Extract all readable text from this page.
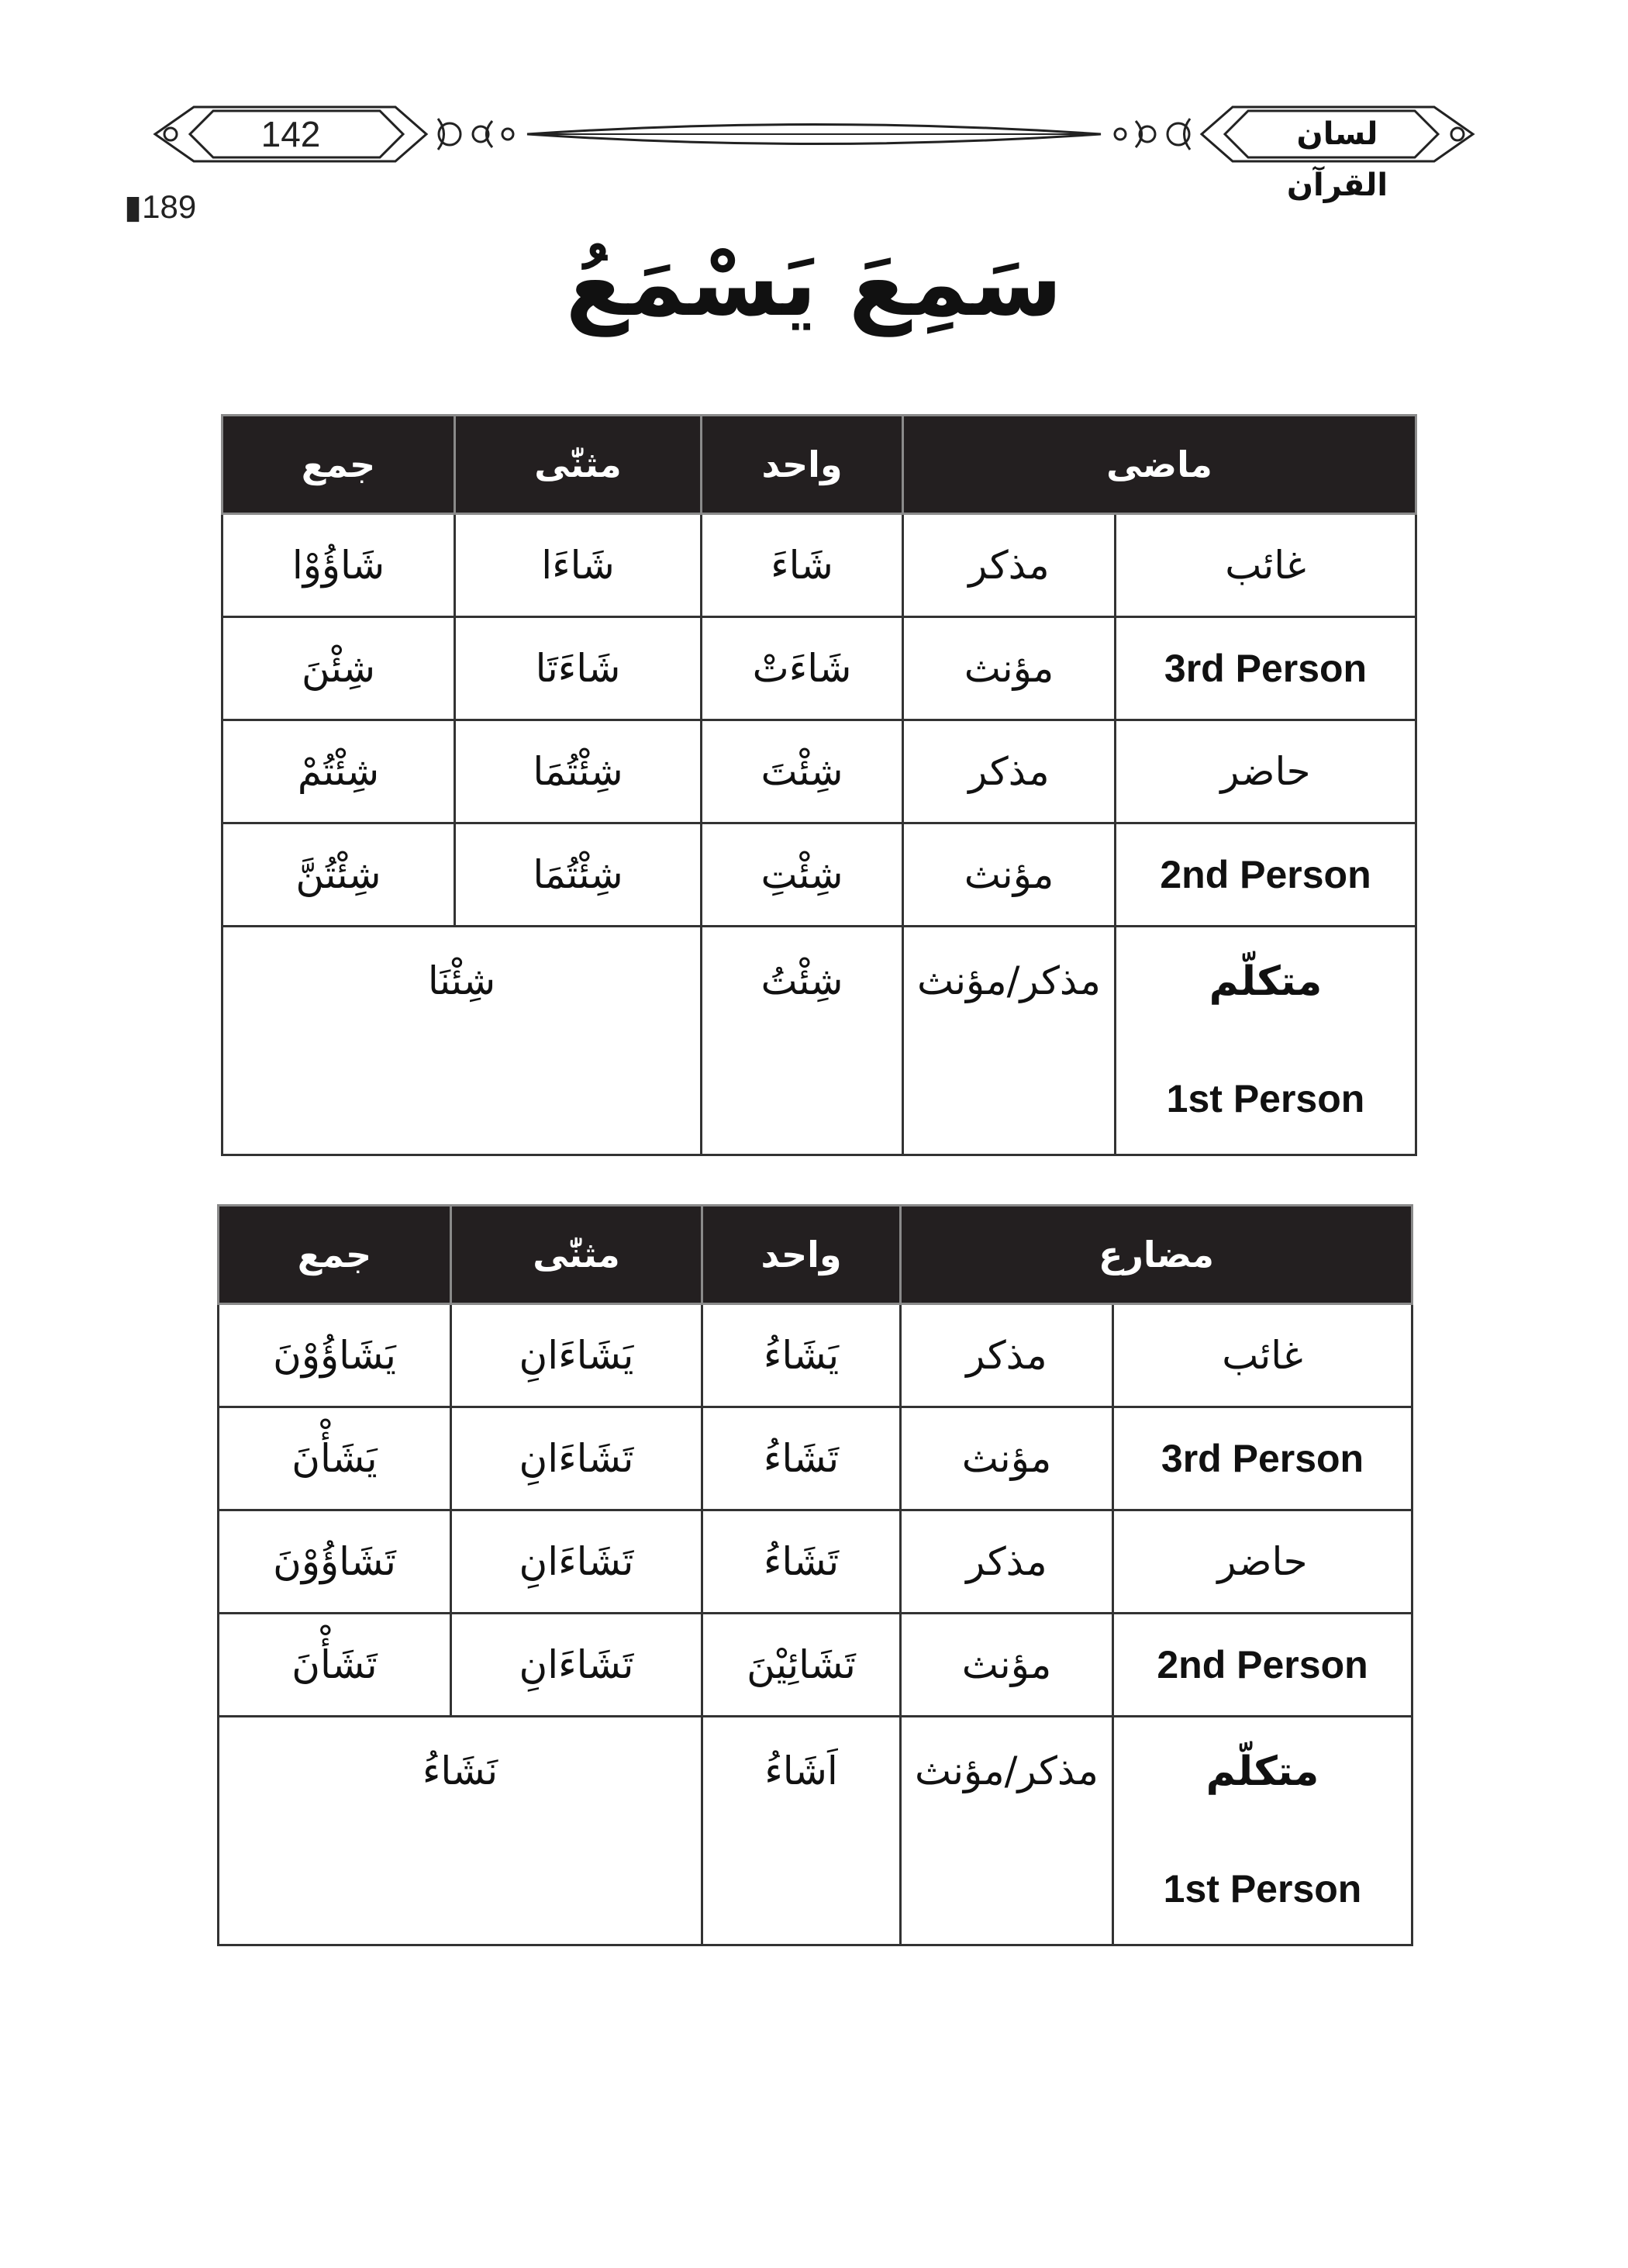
142	لسان القرآن
▮189
سَمِعَ يَسْمَعُ
جمع	مثنّٰی	واحد	ماضی	
شَاؤُوْا	شَاءَا	شَاءَ	مذکر	غائب
شِئْنَ	شَاءَتَا	شَاءَتْ	مؤنث	3rd Person
شِئْتُمْ	شِئْتُمَا	شِئْتَ	مذکر	حاضر
شِئْتُنَّ	شِئْتُمَا	شِئْتِ	مؤنث	2nd Person
شِئْنَا		شِئْتُ	مذکر/مؤنث	متکلّم
1st Person
جمع	مثنّٰی	واحد	مضارع	
يَشَاؤُوْنَ	يَشَاءَانِ	يَشَاءُ	مذکر	غائب
يَشَأْنَ	تَشَاءَانِ	تَشَاءُ	مؤنث	3rd Person
تَشَاؤُوْنَ	تَشَاءَانِ	تَشَاءُ	مذکر	حاضر
تَشَأْنَ	تَشَاءَانِ	تَشَائِيْنَ	مؤنث	2nd Person
نَشَاءُ		اَشَاءُ	مذکر/مؤنث	متکلّم
1st Person
